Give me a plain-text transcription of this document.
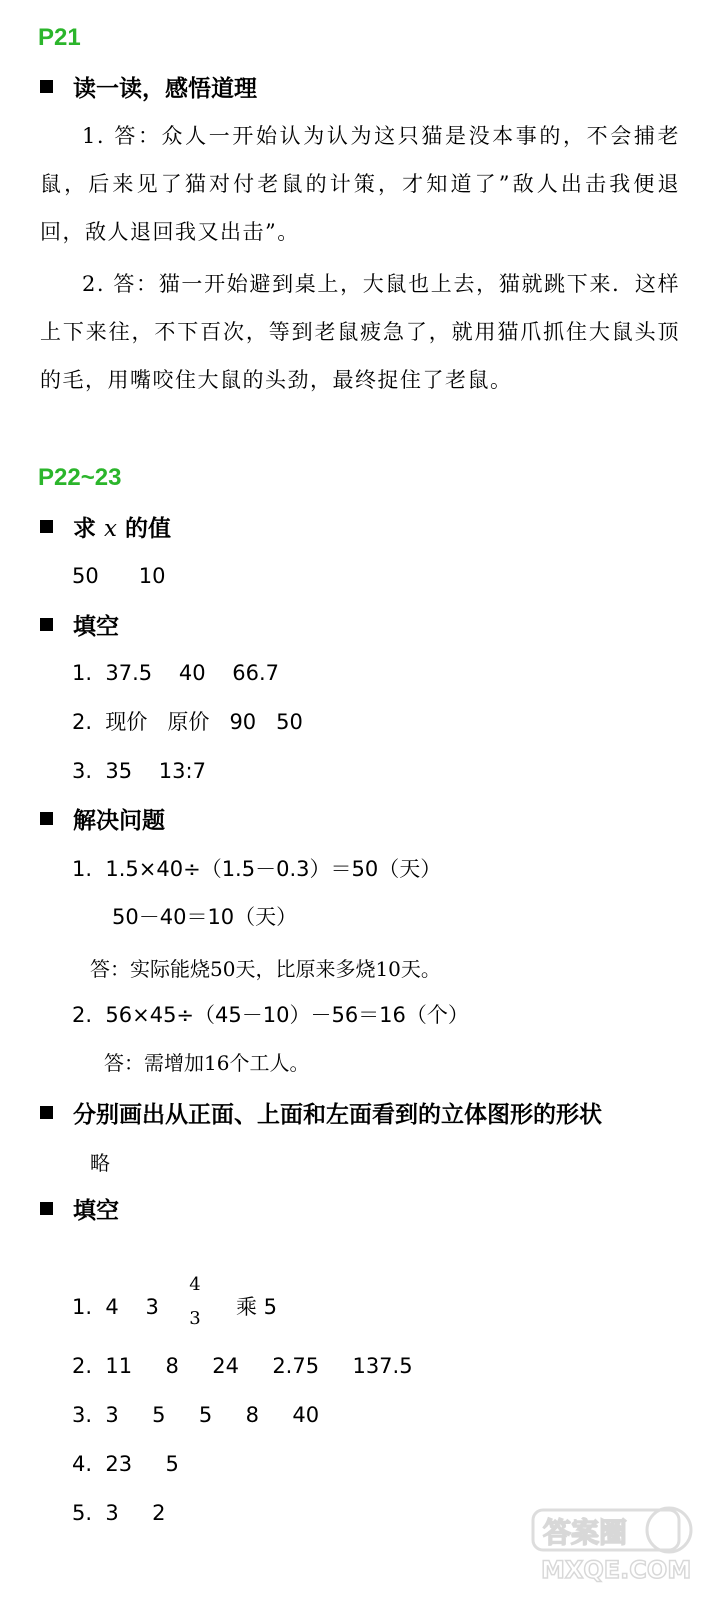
P21
读一读，感悟道理
1. 答：众人一开始认为认为这只猫是没本事的，不会捕老鼠，后来见了猫对付老鼠的计策，才知道了”敌人出击我便退回，敌人退回我又出击”。
2. 答：猫一开始避到桌上，大鼠也上去，猫就跳下来．这样上下来往，不下百次，等到老鼠疲急了，就用猫爪抓住大鼠头顶的毛，用嘴咬住大鼠的头劲，最终捉住了老鼠。
P22~23
求 x 的值
50      10
填空
1.  37.5    40    66.7
2.  现价   原价   90   50
3.  35    13:7
解决问题
1.  1.5×40÷（1.5－0.3）＝50（天）
50－40＝10（天）
答：实际能烧50天，比原来多烧10天。
2.  56×45÷（45－10）－56＝16（个）
答：需增加16个工人。
分别画出从正面、上面和左面看到的立体图形的形状
略
填空
1.  4    3
4
3 乘 5
2.  11     8     24     2.75     137.5
3.  3     5     5     8     40
4.  23     5
5.  3     2
答案圈
MXQE.COM
